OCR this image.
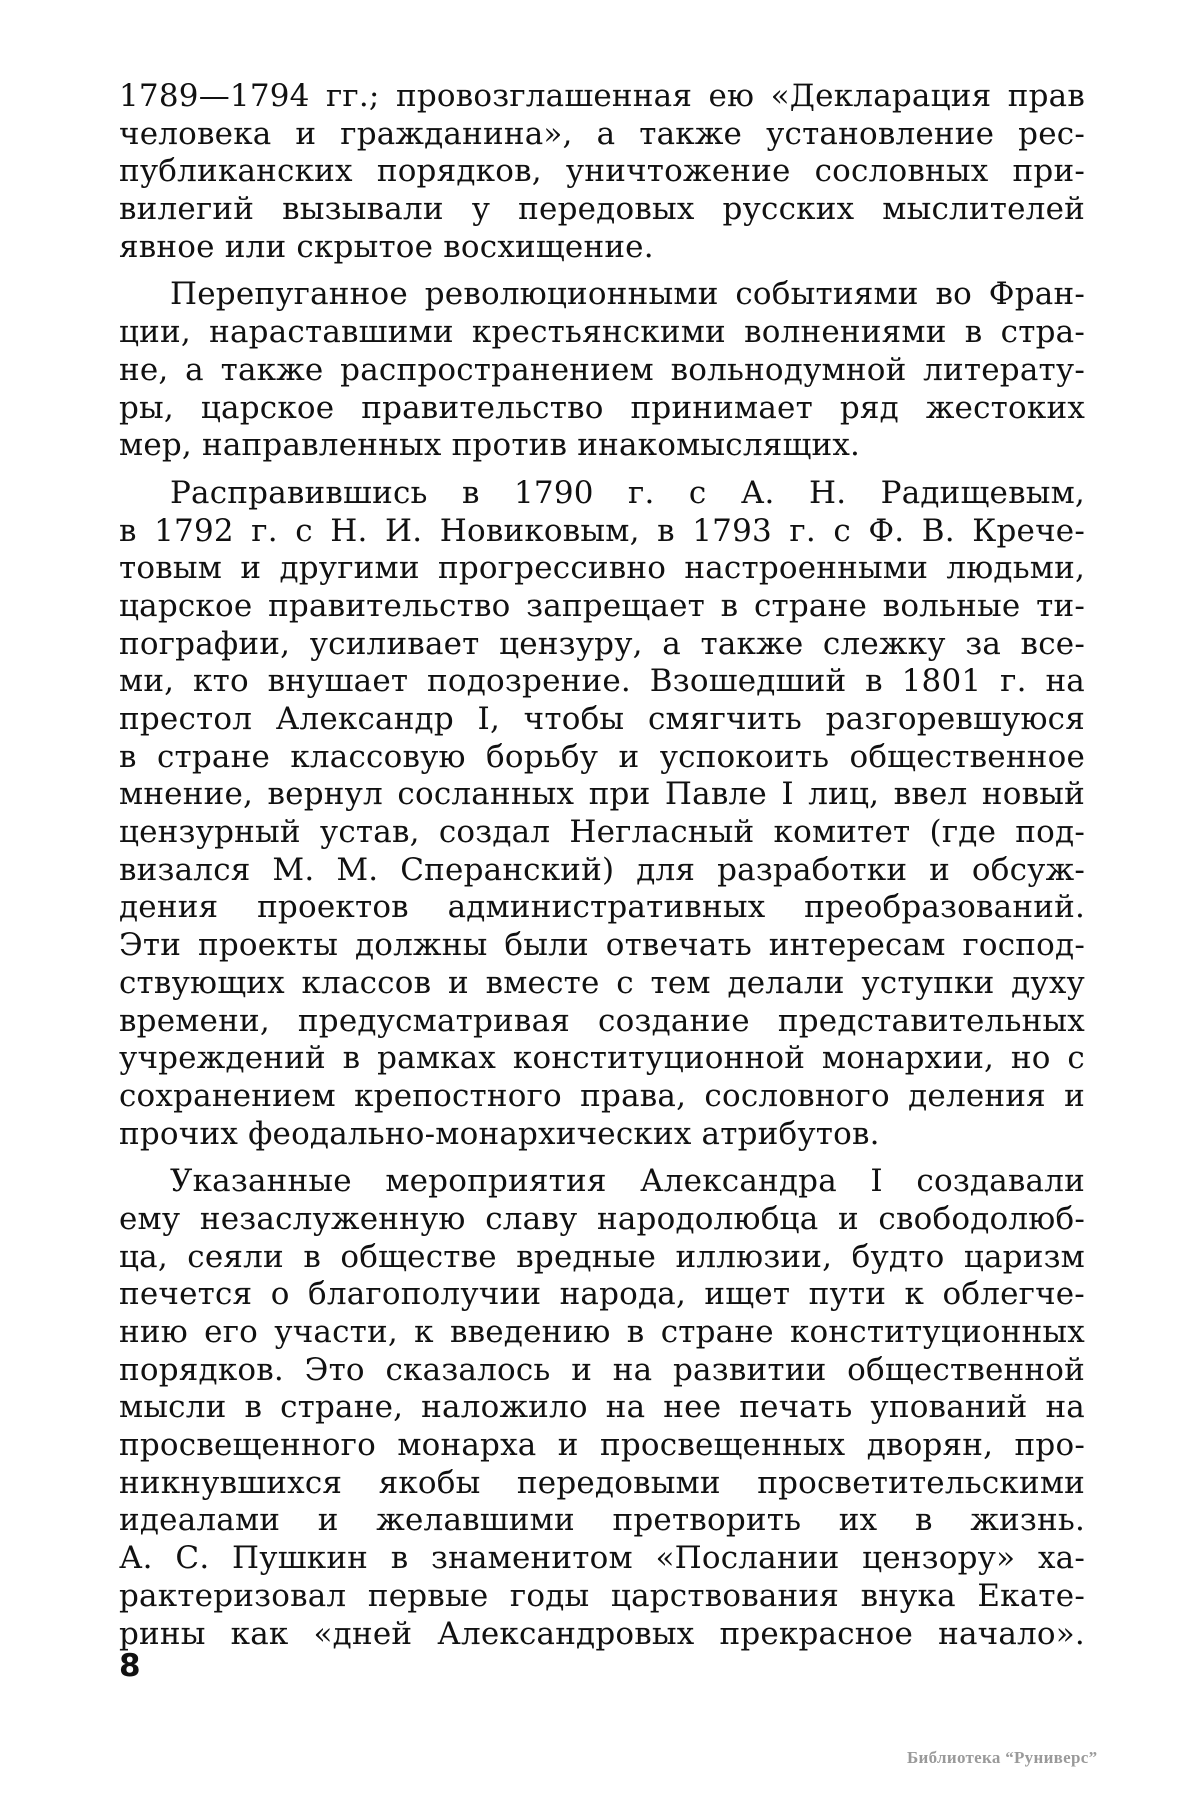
1789—1794 гг.; провозглашенная ею «Декларация прав
человека и гражданина», а также установление рес-
публиканских порядков, уничтожение сословных при-
вилегий вызывали у передовых русских мыслителей
явное или скрытое восхищение.
Перепуганное революционными событиями во Фран-
ции, нараставшими крестьянскими волнениями в стра-
не, а также распространением вольнодумной литерату-
ры, царское правительство принимает ряд жестоких
мер, направленных против инакомыслящих.
Расправившись в 1790 г. с А. Н. Радищевым,
в 1792 г. с Н. И. Новиковым, в 1793 г. с Ф. В. Крече-
товым и другими прогрессивно настроенными людьми,
царское правительство запрещает в стране вольные ти-
пографии, усиливает цензуру, а также слежку за все-
ми, кто внушает подозрение. Взошедший в 1801 г. на
престол Александр I, чтобы смягчить разгоревшуюся
в стране классовую борьбу и успокоить общественное
мнение, вернул сосланных при Павле I лиц, ввел новый
цензурный устав, создал Негласный комитет (где под-
визался М. М. Сперанский) для разработки и обсуж-
дения проектов административных преобразований.
Эти проекты должны были отвечать интересам господ-
ствующих классов и вместе с тем делали уступки духу
времени, предусматривая создание представительных
учреждений в рамках конституционной монархии, но с
сохранением крепостного права, сословного деления и
прочих феодально-монархических атрибутов.
Указанные мероприятия Александра I создавали
ему незаслуженную славу народолюбца и свободолюб-
ца, сеяли в обществе вредные иллюзии, будто царизм
печется о благополучии народа, ищет пути к облегче-
нию его участи, к введению в стране конституционных
порядков. Это сказалось и на развитии общественной
мысли в стране, наложило на нее печать упований на
просвещенного монарха и просвещенных дворян, про-
никнувшихся якобы передовыми просветительскими
идеалами и желавшими претворить их в жизнь.
А. С. Пушкин в знаменитом «Послании цензору» ха-
рактеризовал первые годы царствования внука Екате-
рины как «дней Александровых прекрасное начало».
8
Библиотека “Руниверс”
